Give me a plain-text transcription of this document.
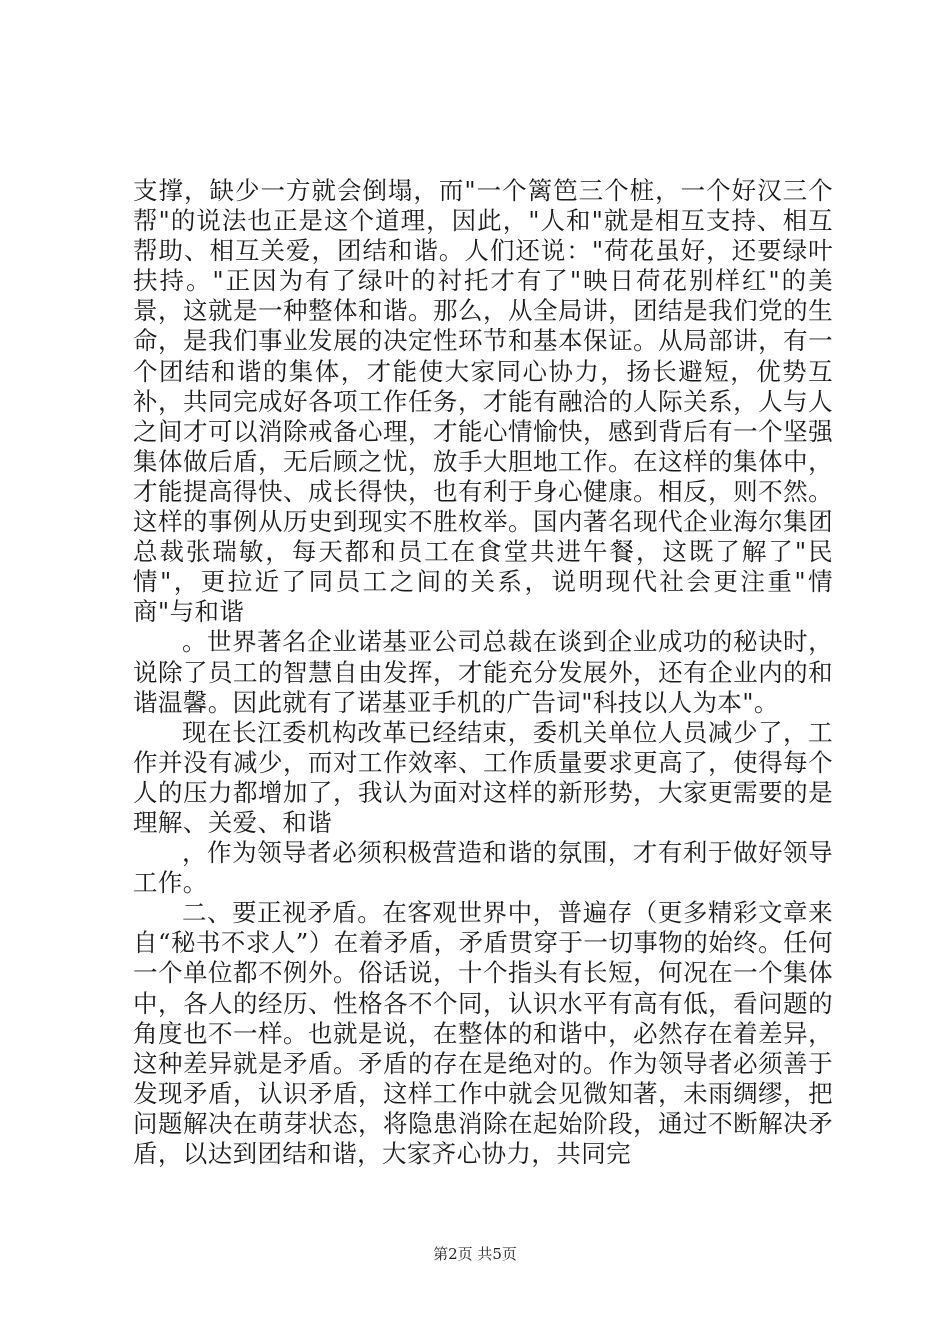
支撑，缺少一方就会倒塌，而"一个篱笆三个桩，一个好汉三个帮"的说法也正是这个道理，因此，"人和"就是相互支持、相互帮助、相互关爱，团结和谐。人们还说："荷花虽好，还要绿叶扶持。"正因为有了绿叶的衬托才有了"映日荷花别样红"的美景，这就是一种整体和谐。那么，从全局讲，团结是我们党的生命，是我们事业发展的决定性环节和基本保证。从局部讲，有一个团结和谐的集体，才能使大家同心协力，扬长避短，优势互补，共同完成好各项工作任务，才能有融洽的人际关系，人与人之间才可以消除戒备心理，才能心情愉快，感到背后有一个坚强集体做后盾，无后顾之忧，放手大胆地工作。在这样的集体中，才能提高得快、成长得快，也有利于身心健康。相反，则不然。这样的事例从历史到现实不胜枚举。国内著名现代企业海尔集团总裁张瑞敏，每天都和员工在食堂共进午餐，这既了解了"民情"，更拉近了同员工之间的关系，说明现代社会更注重"情商"与和谐

。世界著名企业诺基亚公司总裁在谈到企业成功的秘诀时，说除了员工的智慧自由发挥，才能充分发展外，还有企业内的和谐温馨。因此就有了诺基亚手机的广告词"科技以人为本"。

现在长江委机构改革已经结束，委机关单位人员减少了，工作并没有减少，而对工作效率、工作质量要求更高了，使得每个人的压力都增加了，我认为面对这样的新形势，大家更需要的是理解、关爱、和谐

，作为领导者必须积极营造和谐的氛围，才有利于做好领导工作。

二、要正视矛盾。在客观世界中，普遍存（更多精彩文章来自“秘书不求人”）在着矛盾，矛盾贯穿于一切事物的始终。任何一个单位都不例外。俗话说，十个指头有长短，何况在一个集体中，各人的经历、性格各不个同，认识水平有高有低，看问题的角度也不一样。也就是说，在整体的和谐中，必然存在着差异，这种差异就是矛盾。矛盾的存在是绝对的。作为领导者必须善于发现矛盾，认识矛盾，这样工作中就会见微知著，未雨绸缪，把问题解决在萌芽状态，将隐患消除在起始阶段，通过不断解决矛盾，以达到团结和谐，大家齐心协力，共同完

第2页 共5页
